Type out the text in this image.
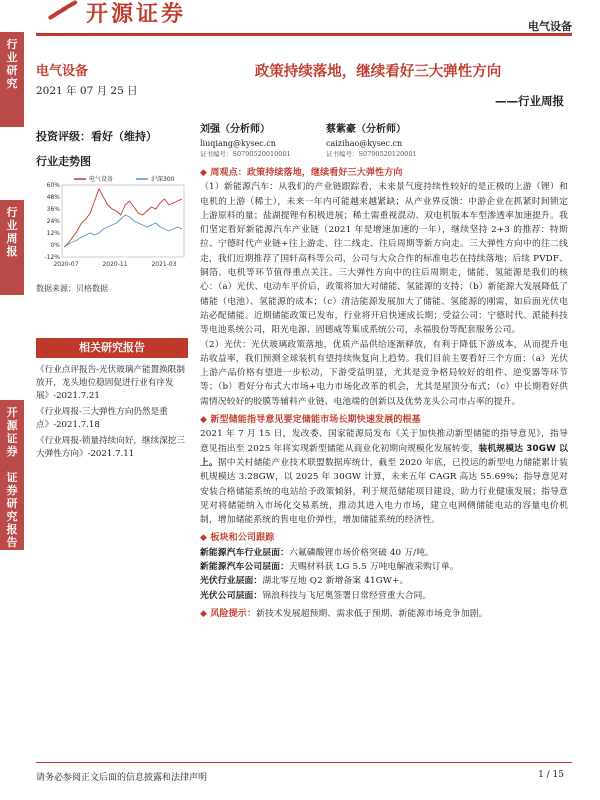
行
业
研
究
行
业
周
报
开
源
证
券

证
券
研
究
报
告
开源证券	电气设备
电气设备
2021 年 07 月 25 日
投资评级：看好（维持）
行业走势图
-12%
0%
12%
24%
36%
48%
60%
2020-07	2020-11	2021-03
电气设备	沪深300
数据来源：贝格数据
相关研究报告

《行业点评报告-光伏玻璃产能置换限制放开，龙头地位稳固促进行业有序发展》-2021.7.21

《行业周报-三大弹性方向仍然是重点》-2021.7.18

《行业周报-锁量持续向好，继续深挖三大弹性方向》-2021.7.11

政策持续落地，继续看好三大弹性方向
——行业周报
刘强（分析师）
liuqiang@kysec.cn
证书编号：S0790520010001
蔡紫豪（分析师）
caizihao@kysec.cn
证书编号：S0790520120001

◆ 周观点：政策持续落地，继续看好三大弹性方向

（1）新能源汽车：从我们的产业链跟踪看，未来景气度持续性较好的是正极的上游（锂）和电机的上游（稀土），未来一年内可能越来越紧缺；从产业界反馈：中游企业在抓紧时间锁定上游原料的量；盐湖提锂有积极进展；稀土需重视混动、双电机版本车型渗透率加速提升。我们坚定看好新能源汽车产业链（2021 年是增速加速的一年），继续坚持 2+3 的推荐：特斯拉、宁德时代产业链+往上游走、往二线走、往后周期等新方向走。三大弹性方向中的往二线走，我们近期推荐了国轩高科等公司，公司与大众合作的标准电芯在持续落地；后续 PVDF、铜箔、电机等环节值得重点关注。三大弹性方向中的往后周期走，储能、氢能源是我们的核心：（a）光伏、电动车平价后，政策将加大对储能、氢能源的支持；（b）新能源大发展降低了储能（电池）、氢能源的成本；（c）清洁能源发展加大了储能、氢能源的刚需，如后面光伏电站必配储能。近期储能政策已发布，行业将开启快速成长期；受益公司：宁德时代、派能科技等电池系统公司，阳光电源、固德威等集成系统公司，永福股份等配套服务公司。

（2）光伏：光伏玻璃政策落地，优质产品供给逐渐释放，有利于降低下游成本，从而提升电站收益率，我们预测全球装机有望持续恢复向上趋势。我们目前主要看好三个方面：（a）光伏上游产品价格有望进一步松动，下游受益明显，尤其是竞争格局较好的组件、逆变器等环节等；（b）看好分布式大市场+电力市场化改革的机会，尤其是屋顶分布式；（c）中长期看好供需情况较好的胶膜等辅料产业链、电池端的创新以及优势龙头公司市占率的提升。

◆ 新型储能指导意见要定储能市场长期快速发展的根基

2021 年 7 月 15 日，发改委、国家能源局发布《关于加快推动新型储能的指导意见》，指导意见指出至 2025 年将实现新型储能从商业化初期向规模化发展转变，装机规模达 30GW 以上。据中关村储能产业技术联盟数据库统计，截至 2020 年底，已投运的新型电力储能累计装机规模达 3.28GW，以 2025 年 30GW 计算，未来五年 CAGR 高达 55.69%；指导意见对安装合格储能系统的电站给予政策倾斜，利于规范储能项目建设，助力行业健康发展；指导意见对将储能纳入市场化交易系统，推动其进入电力市场，建立电网侧储能电站的容量电价机制，增加储能系统的售电电价弹性，增加储能系统的经济性。

◆ 板块和公司跟踪

新能源汽车行业层面：六氟磷酸锂市场价格突破 40 万/吨。

新能源汽车公司层面：天赐材料获 LG 5.5 万吨电解液采购订单。

光伏行业层面：湖北零互地 Q2 新增备案 41GW+。

光伏公司层面：锦浪科技与飞尼奥签署日常经营重大合同。

◆ 风险提示：新技术发展超预期、需求低于预期、新能源市场竞争加剧。

请务必参阅正文后面的信息披露和法律声明	1 / 15
